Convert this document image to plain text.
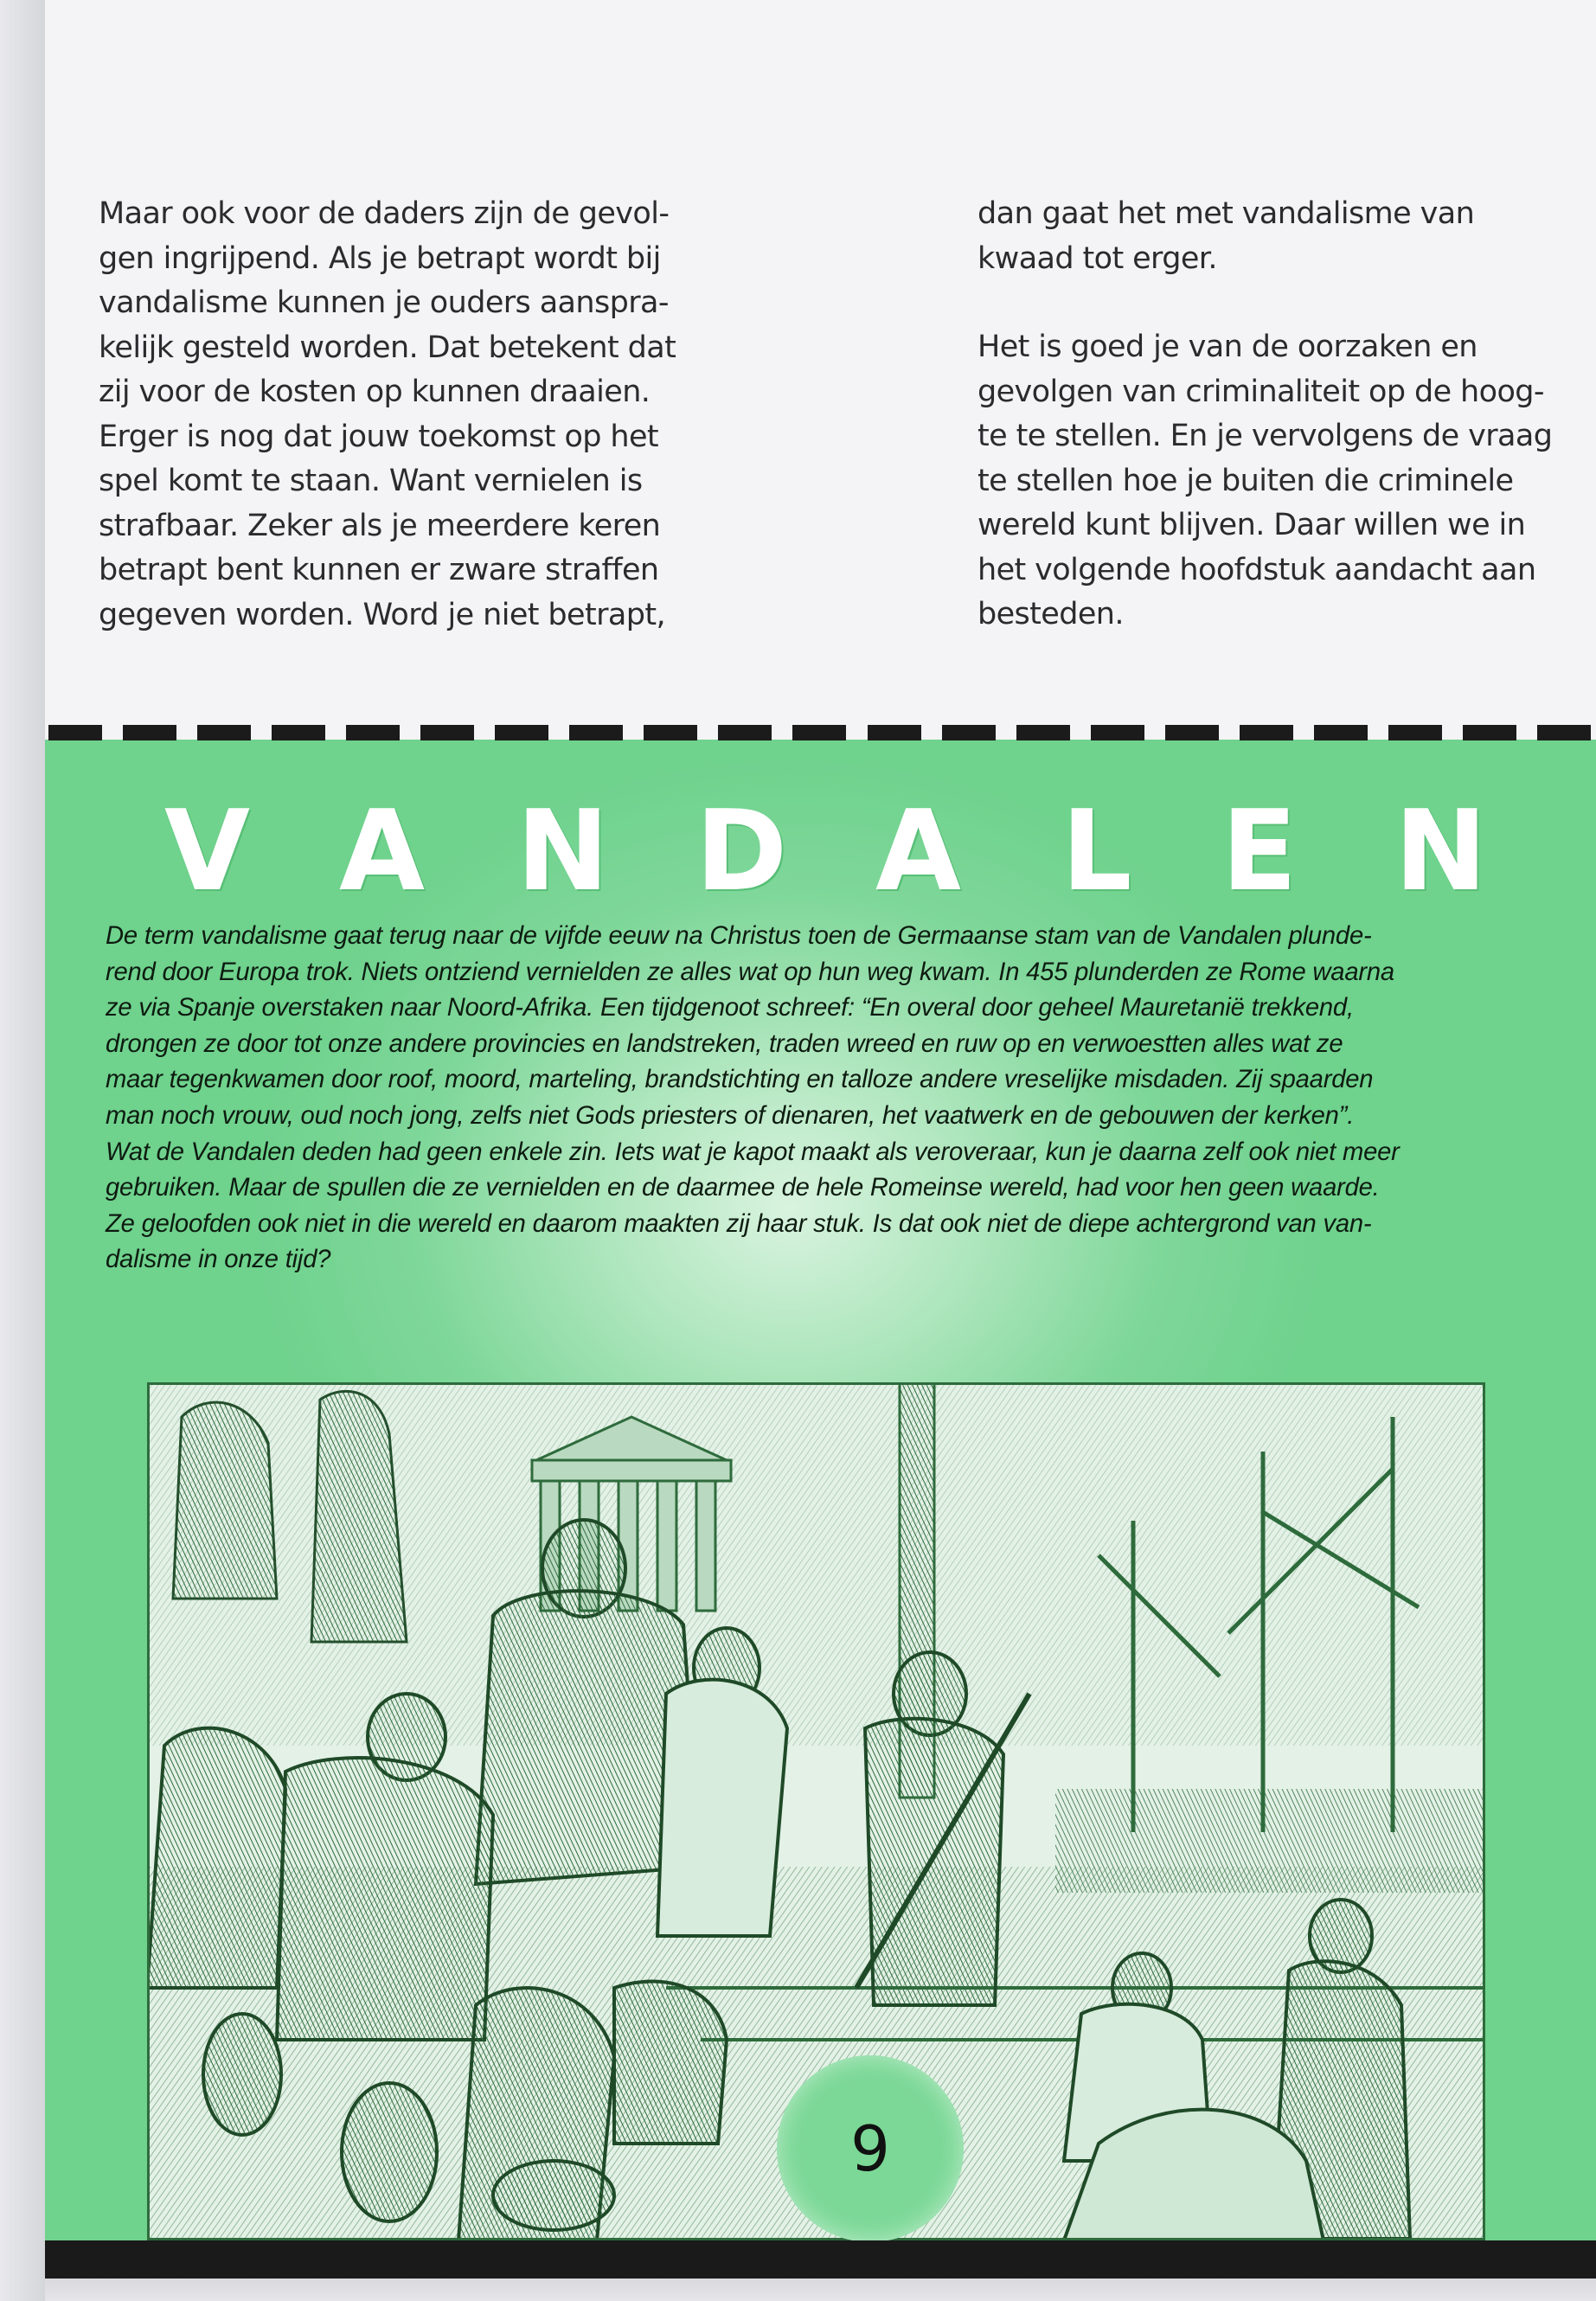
Maar ook voor de daders zijn de gevol-
gen ingrijpend. Als je betrapt wordt bij
vandalisme kunnen je ouders aanspra-
kelijk gesteld worden. Dat betekent dat
zij voor de kosten op kunnen draaien.
Erger is nog dat jouw toekomst op het
spel komt te staan. Want vernielen is
strafbaar. Zeker als je meerdere keren
betrapt bent kunnen er zware straffen
gegeven worden. Word je niet betrapt,

dan gaat het met vandalisme van
kwaad tot erger.

Het is goed je van de oorzaken en
gevolgen van criminaliteit op de hoog-
te te stellen. En je vervolgens de vraag
te stellen hoe je buiten die criminele
wereld kunt blijven. Daar willen we in
het volgende hoofdstuk aandacht aan
besteden.

V A N D A L E N
De term vandalisme gaat terug naar de vijfde eeuw na Christus toen de Germaanse stam van de Vandalen plunde-
rend door Europa trok. Niets ontziend vernielden ze alles wat op hun weg kwam. In 455 plunderden ze Rome waarna
ze via Spanje overstaken naar Noord-Afrika. Een tijdgenoot schreef: “En overal door geheel Mauretanië trekkend,
drongen ze door tot onze andere provincies en landstreken, traden wreed en ruw op en verwoestten alles wat ze
maar tegenkwamen door roof, moord, marteling, brandstichting en talloze andere vreselijke misdaden. Zij spaarden
man noch vrouw, oud noch jong, zelfs niet Gods priesters of dienaren, het vaatwerk en de gebouwen der kerken”.
Wat de Vandalen deden had geen enkele zin. Iets wat je kapot maakt als veroveraar, kun je daarna zelf ook niet meer
gebruiken. Maar de spullen die ze vernielden en de daarmee de hele Romeinse wereld, had voor hen geen waarde.
Ze geloofden ook niet in die wereld en daarom maakten zij haar stuk. Is dat ook niet de diepe achtergrond van van-
dalisme in onze tijd?
9
